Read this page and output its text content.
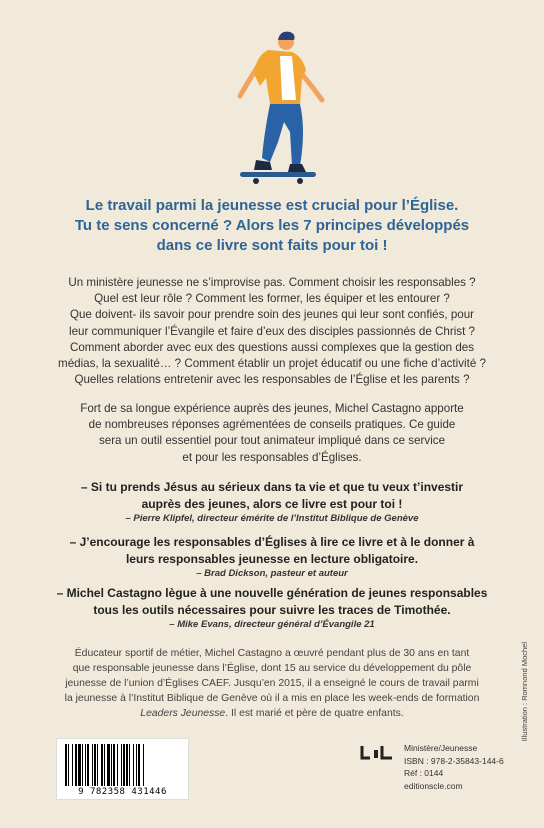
Le travail parmi la jeunesse est crucial pour l’Église.
Tu te sens concerné ? Alors les 7 principes développés
dans ce livre sont faits pour toi !
Un ministère jeunesse ne s’improvise pas. Comment choisir les responsables ?
Quel est leur rôle ? Comment les former, les équiper et les entourer ?
Que doivent- ils savoir pour prendre soin des jeunes qui leur sont confiés, pour
leur communiquer l’Évangile et faire d’eux des disciples passionnés de Christ ?
Comment aborder avec eux des questions aussi complexes que la gestion des
médias, la sexualité… ? Comment établir un projet éducatif ou une fiche d’activité ?
Quelles relations entretenir avec les responsables de l’Église et les parents ?
Fort de sa longue expérience auprès des jeunes, Michel Castagno apporte
de nombreuses réponses agrémentées de conseils pratiques. Ce guide
sera un outil essentiel pour tout animateur impliqué dans ce service
et pour les responsables d’Églises.
– Si tu prends Jésus au sérieux dans ta vie et que tu veux t’investir
auprès des jeunes, alors ce livre est pour toi !
– Pierre Klipfel, directeur émérite de l’Institut Biblique de Genève
– J’encourage les responsables d’Églises à lire ce livre et à le donner à
leurs responsables jeunesse en lecture obligatoire.
– Brad Dickson, pasteur et auteur
– Michel Castagno lègue à une nouvelle génération de jeunes responsables
tous les outils nécessaires pour suivre les traces de Timothée.
– Mike Evans, directeur général d’Évangile 21
Éducateur sportif de métier, Michel Castagno a œuvré pendant plus de 30 ans en tant
que responsable jeunesse dans l’Église, dont 15 au service du développement du pôle
jeunesse de l’union d’Églises CAEF. Jusqu’en 2015, il a enseigné le cours de travail parmi
la jeunesse à l’Institut Biblique de Genève où il a mis en place les week-ends de formation
Leaders Jeunesse. Il est marié et père de quatre enfants.
9 782358 431446
Ministère/Jeunesse
ISBN : 978-2-35843-144-6
Réf : 0144
editionscle.com
Illustration : Romnond Mochel
